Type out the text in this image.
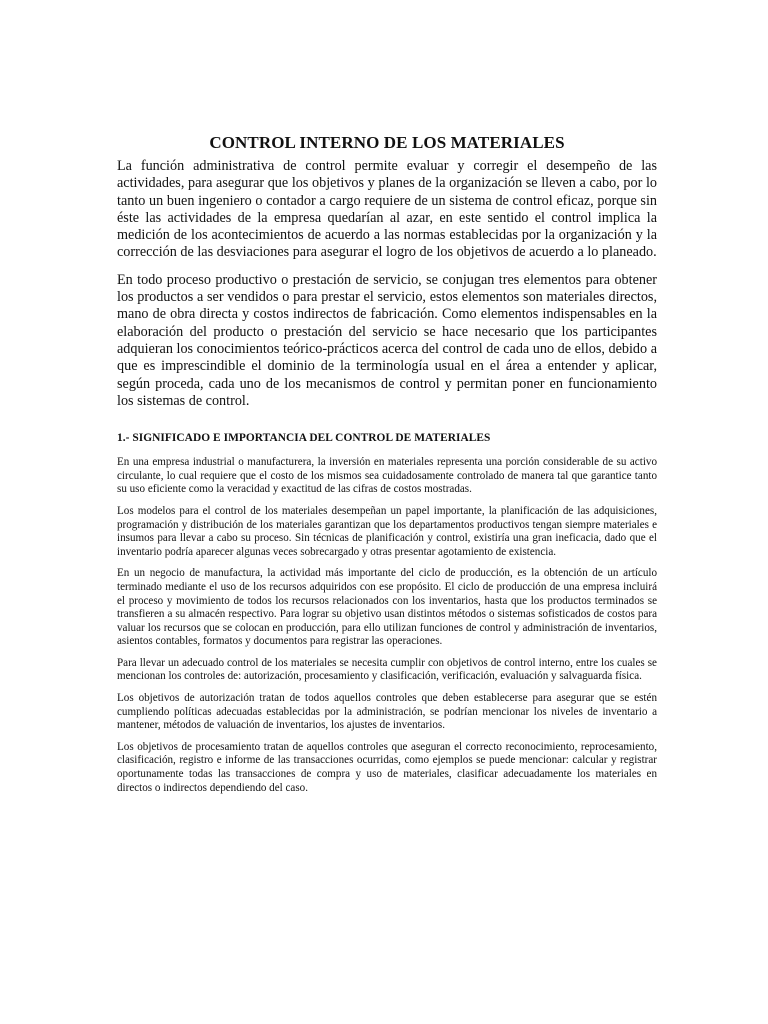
CONTROL INTERNO DE LOS MATERIALES

La función administrativa de control permite evaluar y corregir el desempeño de las actividades, para asegurar que los objetivos y planes de la organización se lleven a cabo, por lo tanto un buen ingeniero o contador a cargo requiere de un sistema de control eficaz, porque sin éste las actividades de la empresa quedarían al azar, en este sentido el control implica la medición de los acontecimientos de acuerdo a las normas establecidas por la organización y la corrección de las desviaciones para asegurar el logro de los objetivos de acuerdo a lo planeado.

En todo proceso productivo o prestación de servicio, se conjugan tres elementos para obtener los productos a ser vendidos o para prestar el servicio, estos elementos son materiales directos, mano de obra directa y costos indirectos de fabricación. Como elementos indispensables en la elaboración del producto o prestación del servicio se hace necesario que los participantes adquieran los conocimientos teórico-prácticos acerca del control de cada uno de ellos, debido a que es imprescindible el dominio de la terminología usual en el área a entender y aplicar, según proceda, cada uno de los mecanismos de control y permitan poner en funcionamiento los sistemas de control.

1.- SIGNIFICADO E IMPORTANCIA DEL CONTROL DE MATERIALES

En una empresa industrial o manufacturera, la inversión en materiales representa una porción considerable de su activo circulante, lo cual requiere que el costo de los mismos sea cuidadosamente controlado de manera tal que garantice tanto su uso eficiente como la veracidad y exactitud de las cifras de costos mostradas.

Los modelos para el control de los materiales desempeñan un papel importante, la planificación de las adquisiciones, programación y distribución de los materiales garantizan que los departamentos productivos tengan siempre materiales e insumos para llevar a cabo su proceso. Sin técnicas de planificación y control, existiría una gran ineficacia, dado que el inventario podría aparecer algunas veces sobrecargado y otras presentar agotamiento de existencia.

En un negocio de manufactura, la actividad más importante del ciclo de producción, es la obtención de un artículo terminado mediante el uso de los recursos adquiridos con ese propósito. El ciclo de producción de una empresa incluirá el proceso y movimiento de todos los recursos relacionados con los inventarios, hasta que los productos terminados se transfieren a su almacén respectivo. Para lograr su objetivo usan distintos métodos o sistemas sofisticados de costos para valuar los recursos que se colocan en producción, para ello utilizan funciones de control y administración de inventarios, asientos contables, formatos y documentos para registrar las operaciones.

Para llevar un adecuado control de los materiales se necesita cumplir con objetivos de control interno, entre los cuales se mencionan los controles de: autorización, procesamiento y clasificación, verificación, evaluación y salvaguarda física.

Los objetivos de autorización tratan de todos aquellos controles que deben establecerse para asegurar que se estén cumpliendo políticas adecuadas establecidas por la administración, se podrían mencionar los niveles de inventario a mantener, métodos de valuación de inventarios, los ajustes de inventarios.

Los objetivos de procesamiento tratan de aquellos controles que aseguran el correcto reconocimiento, reprocesamiento, clasificación, registro e informe de las transacciones ocurridas, como ejemplos se puede mencionar: calcular y registrar oportunamente todas las transacciones de compra y uso de materiales, clasificar adecuadamente los materiales en directos o indirectos dependiendo del caso.
